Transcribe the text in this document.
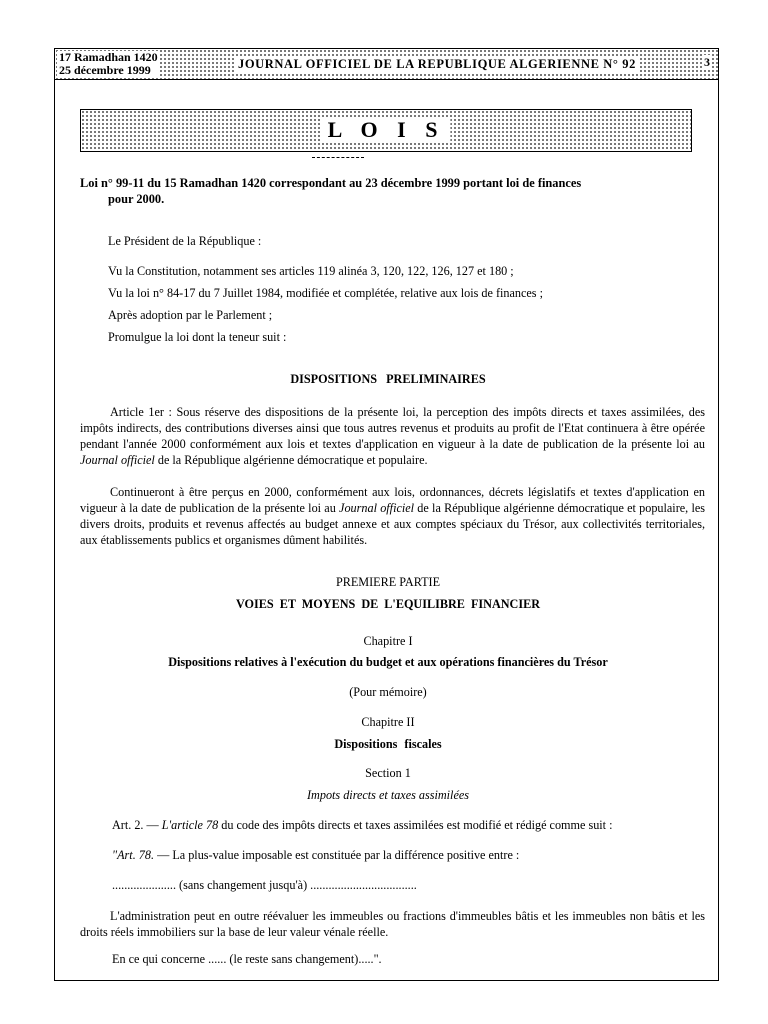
17 Ramadhan 1420
25 décembre 1999	JOURNAL OFFICIEL DE LA REPUBLIQUE ALGERIENNE N° 92	3
L O I S
Loi n° 99-11 du 15 Ramadhan 1420 correspondant au 23 décembre 1999 portant loi de finances
pour 2000.
Le Président de la République :
Vu la Constitution, notamment ses articles 119 alinéa 3, 120, 122, 126, 127 et 180 ;
Vu la loi n° 84-17 du 7 Juillet 1984, modifiée et complétée, relative aux lois de finances ;
Après adoption par le Parlement ;
Promulgue la loi dont la teneur suit :
DISPOSITIONS PRELIMINAIRES
Article 1er : Sous réserve des dispositions de la présente loi, la perception des impôts directs et taxes assimilées, des impôts indirects, des contributions diverses ainsi que tous autres revenus et produits au profit de l'Etat continuera à être opérée pendant l'année 2000 conformément aux lois et textes d'application en vigueur à la date de publication de la présente loi au Journal officiel de la République algérienne démocratique et populaire.
Continueront à être perçus en 2000, conformément aux lois, ordonnances, décrets législatifs et textes d'application en vigueur à la date de publication de la présente loi au Journal officiel de la République algérienne démocratique et populaire, les divers droits, produits et revenus affectés au budget annexe et aux comptes spéciaux du Trésor, aux collectivités territoriales, aux établissements publics et organismes dûment habilités.
PREMIERE PARTIE
VOIES ET MOYENS DE L'EQUILIBRE FINANCIER
Chapitre I
Dispositions relatives à l'exécution du budget et aux opérations financières du Trésor
(Pour mémoire)
Chapitre II
Dispositions fiscales
Section 1
Impots directs et taxes assimilées
Art. 2. — L'article 78 du code des impôts directs et taxes assimilées est modifié et rédigé comme suit :
"Art. 78. — La plus-value imposable est constituée par la différence positive entre :
..................... (sans changement jusqu'à) ...................................
L'administration peut en outre réévaluer les immeubles ou fractions d'immeubles bâtis et les immeubles non bâtis et les droits réels immobiliers sur la base de leur valeur vénale réelle.
En ce qui concerne ...... (le reste sans changement).....".
